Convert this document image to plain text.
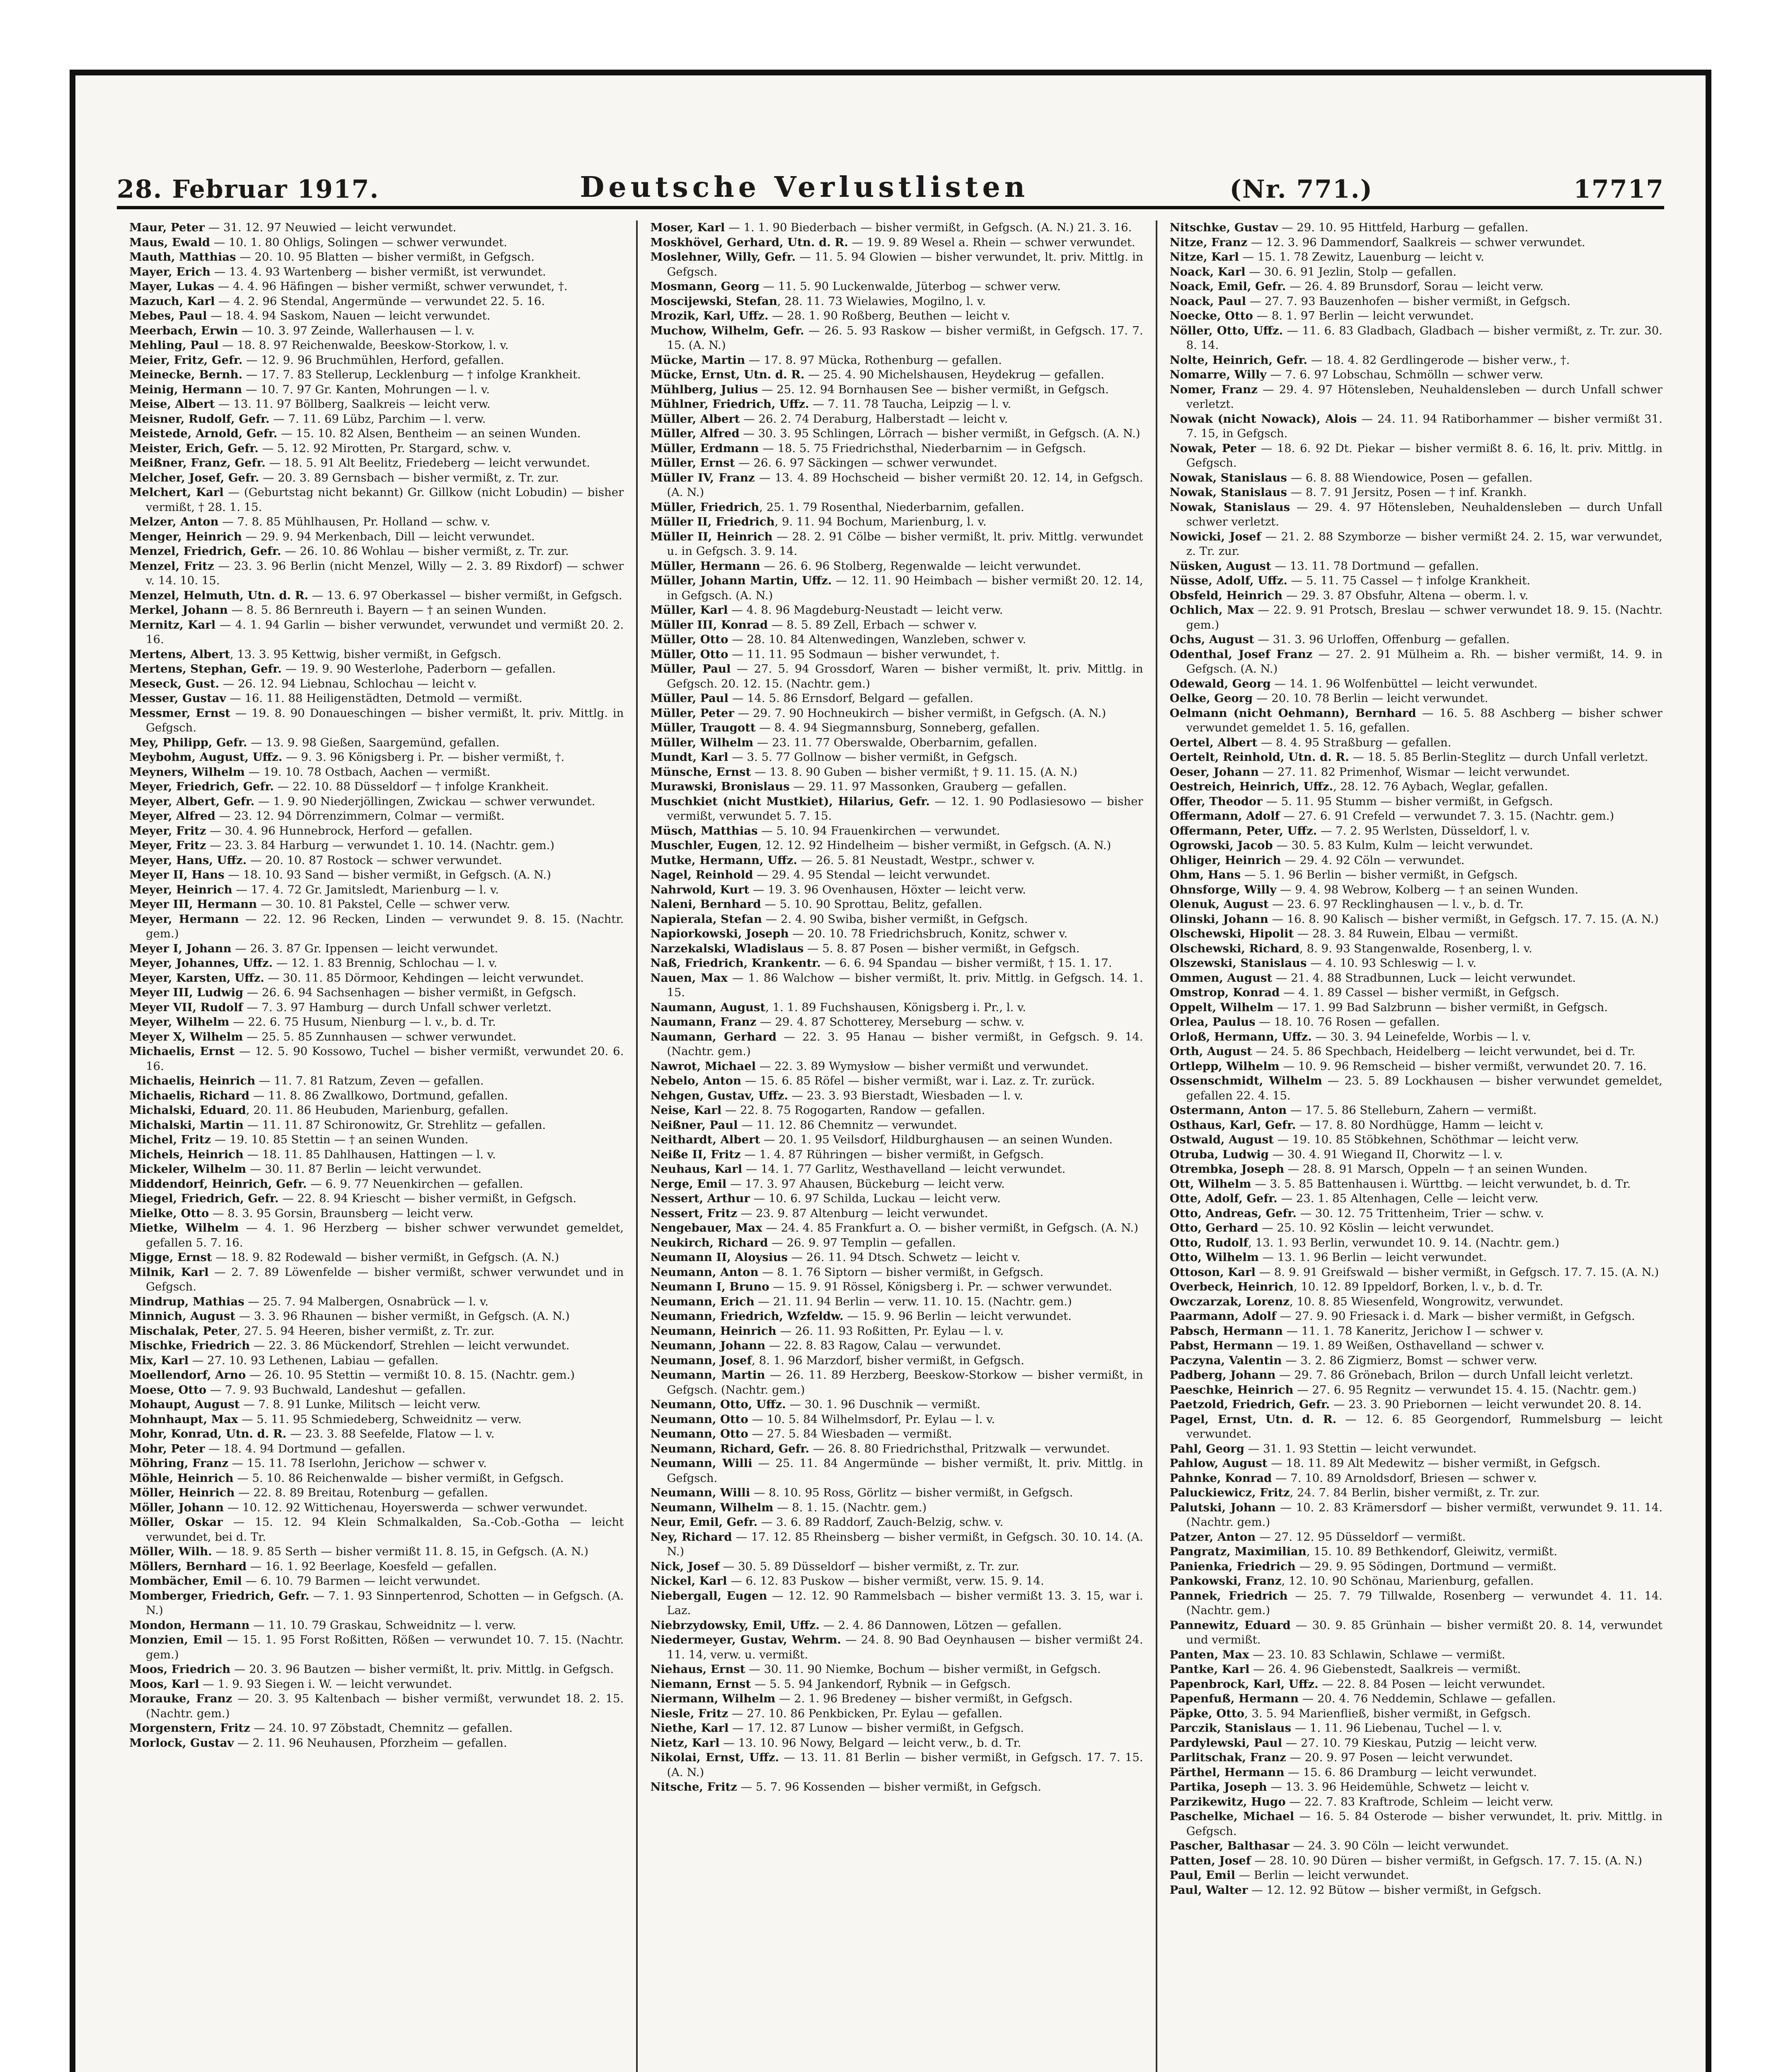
28. Februar 1917.	Deutsche Verlustlisten	(Nr. 771.)	17717

Maur, Peter — 31. 12. 97 Neuwied — leicht verwundet.

Maus, Ewald — 10. 1. 80 Ohligs, Solingen — schwer verwundet.

Mauth, Matthias — 20. 10. 95 Blatten — bisher vermißt, in Gefgsch.

Mayer, Erich — 13. 4. 93 Wartenberg — bisher vermißt, ist verwundet.

Mayer, Lukas — 4. 4. 96 Häfingen — bisher vermißt, schwer verwundet, †.

Mazuch, Karl — 4. 2. 96 Stendal, Angermünde — verwundet 22. 5. 16.

Mebes, Paul — 18. 4. 94 Saskom, Nauen — leicht verwundet.

Meerbach, Erwin — 10. 3. 97 Zeinde, Wallerhausen — l. v.

Mehling, Paul — 18. 8. 97 Reichenwalde, Beeskow-Storkow, l. v.

Meier, Fritz, Gefr. — 12. 9. 96 Bruchmühlen, Herford, gefallen.

Meinecke, Bernh. — 17. 7. 83 Stellerup, Lecklenburg — † infolge Krankheit.

Meinig, Hermann — 10. 7. 97 Gr. Kanten, Mohrungen — l. v.

Meise, Albert — 13. 11. 97 Böllberg, Saalkreis — leicht verw.

Meisner, Rudolf, Gefr. — 7. 11. 69 Lübz, Parchim — l. verw.

Meistede, Arnold, Gefr. — 15. 10. 82 Alsen, Bentheim — an seinen Wunden.

Meister, Erich, Gefr. — 5. 12. 92 Mirotten, Pr. Stargard, schw. v.

Meißner, Franz, Gefr. — 18. 5. 91 Alt Beelitz, Friedeberg — leicht verwundet.

Melcher, Josef, Gefr. — 20. 3. 89 Gernsbach — bisher vermißt, z. Tr. zur.

Melchert, Karl — (Geburtstag nicht bekannt) Gr. Gillkow (nicht Lobudin) — bisher vermißt, † 28. 1. 15.

Melzer, Anton — 7. 8. 85 Mühlhausen, Pr. Holland — schw. v.

Menger, Heinrich — 29. 9. 94 Merkenbach, Dill — leicht verwundet.

Menzel, Friedrich, Gefr. — 26. 10. 86 Wohlau — bisher vermißt, z. Tr. zur.

Menzel, Fritz — 23. 3. 96 Berlin (nicht Menzel, Willy — 2. 3. 89 Rixdorf) — schwer v. 14. 10. 15.

Menzel, Helmuth, Utn. d. R. — 13. 6. 97 Oberkassel — bisher vermißt, in Gefgsch.

Merkel, Johann — 8. 5. 86 Bernreuth i. Bayern — † an seinen Wunden.

Mernitz, Karl — 4. 1. 94 Garlin — bisher verwundet, verwundet und vermißt 20. 2. 16.

Mertens, Albert, 13. 3. 95 Kettwig, bisher vermißt, in Gefgsch.

Mertens, Stephan, Gefr. — 19. 9. 90 Westerlohe, Paderborn — gefallen.

Meseck, Gust. — 26. 12. 94 Liebnau, Schlochau — leicht v.

Messer, Gustav — 16. 11. 88 Heiligenstädten, Detmold — vermißt.

Messmer, Ernst — 19. 8. 90 Donaueschingen — bisher vermißt, lt. priv. Mittlg. in Gefgsch.

Mey, Philipp, Gefr. — 13. 9. 98 Gießen, Saargemünd, gefallen.

Meybohm, August, Uffz. — 9. 3. 96 Königsberg i. Pr. — bisher vermißt, †.

Meyners, Wilhelm — 19. 10. 78 Ostbach, Aachen — vermißt.

Meyer, Friedrich, Gefr. — 22. 10. 88 Düsseldorf — † infolge Krankheit.

Meyer, Albert, Gefr. — 1. 9. 90 Niederjöllingen, Zwickau — schwer verwundet.

Meyer, Alfred — 23. 12. 94 Dörrenzimmern, Colmar — vermißt.

Meyer, Fritz — 30. 4. 96 Hunnebrock, Herford — gefallen.

Meyer, Fritz — 23. 3. 84 Harburg — verwundet 1. 10. 14. (Nachtr. gem.)

Meyer, Hans, Uffz. — 20. 10. 87 Rostock — schwer verwundet.

Meyer II, Hans — 18. 10. 93 Sand — bisher vermißt, in Gefgsch. (A. N.)

Meyer, Heinrich — 17. 4. 72 Gr. Jamitsledt, Marienburg — l. v.

Meyer III, Hermann — 30. 10. 81 Pakstel, Celle — schwer verw.

Meyer, Hermann — 22. 12. 96 Recken, Linden — verwundet 9. 8. 15. (Nachtr. gem.)

Meyer I, Johann — 26. 3. 87 Gr. Ippensen — leicht verwundet.

Meyer, Johannes, Uffz. — 12. 1. 83 Brennig, Schlochau — l. v.

Meyer, Karsten, Uffz. — 30. 11. 85 Dörmoor, Kehdingen — leicht verwundet.

Meyer III, Ludwig — 26. 6. 94 Sachsenhagen — bisher vermißt, in Gefgsch.

Meyer VII, Rudolf — 7. 3. 97 Hamburg — durch Unfall schwer verletzt.

Meyer, Wilhelm — 22. 6. 75 Husum, Nienburg — l. v., b. d. Tr.

Meyer X, Wilhelm — 25. 5. 85 Zunnhausen — schwer verwundet.

Michaelis, Ernst — 12. 5. 90 Kossowo, Tuchel — bisher vermißt, verwundet 20. 6. 16.

Michaelis, Heinrich — 11. 7. 81 Ratzum, Zeven — gefallen.

Michaelis, Richard — 11. 8. 86 Zwallkowo, Dortmund, gefallen.

Michalski, Eduard, 20. 11. 86 Heubuden, Marienburg, gefallen.

Michalski, Martin — 11. 11. 87 Schironowitz, Gr. Strehlitz — gefallen.

Michel, Fritz — 19. 10. 85 Stettin — † an seinen Wunden.

Michels, Heinrich — 18. 11. 85 Dahlhausen, Hattingen — l. v.

Mickeler, Wilhelm — 30. 11. 87 Berlin — leicht verwundet.

Middendorf, Heinrich, Gefr. — 6. 9. 77 Neuenkirchen — gefallen.

Miegel, Friedrich, Gefr. — 22. 8. 94 Kriescht — bisher vermißt, in Gefgsch.

Mielke, Otto — 8. 3. 95 Gorsin, Braunsberg — leicht verw.

Mietke, Wilhelm — 4. 1. 96 Herzberg — bisher schwer verwundet gemeldet, gefallen 5. 7. 16.

Migge, Ernst — 18. 9. 82 Rodewald — bisher vermißt, in Gefgsch. (A. N.)

Milnik, Karl — 2. 7. 89 Löwenfelde — bisher vermißt, schwer verwundet und in Gefgsch.

Mindrup, Mathias — 25. 7. 94 Malbergen, Osnabrück — l. v.

Minnich, August — 3. 3. 96 Rhaunen — bisher vermißt, in Gefgsch. (A. N.)

Mischalak, Peter, 27. 5. 94 Heeren, bisher vermißt, z. Tr. zur.

Mischke, Friedrich — 22. 3. 86 Mückendorf, Strehlen — leicht verwundet.

Mix, Karl — 27. 10. 93 Lethenen, Labiau — gefallen.

Moellendorf, Arno — 26. 10. 95 Stettin — vermißt 10. 8. 15. (Nachtr. gem.)

Moese, Otto — 7. 9. 93 Buchwald, Landeshut — gefallen.

Mohaupt, August — 7. 8. 91 Lunke, Militsch — leicht verw.

Mohnhaupt, Max — 5. 11. 95 Schmiedeberg, Schweidnitz — verw.

Mohr, Konrad, Utn. d. R. — 23. 3. 88 Seefelde, Flatow — l. v.

Mohr, Peter — 18. 4. 94 Dortmund — gefallen.

Möhring, Franz — 15. 11. 78 Iserlohn, Jerichow — schwer v.

Möhle, Heinrich — 5. 10. 86 Reichenwalde — bisher vermißt, in Gefgsch.

Möller, Heinrich — 22. 8. 89 Breitau, Rotenburg — gefallen.

Möller, Johann — 10. 12. 92 Wittichenau, Hoyerswerda — schwer verwundet.

Möller, Oskar — 15. 12. 94 Klein Schmalkalden, Sa.-Cob.-Gotha — leicht verwundet, bei d. Tr.

Möller, Wilh. — 18. 9. 85 Serth — bisher vermißt 11. 8. 15, in Gefgsch. (A. N.)

Möllers, Bernhard — 16. 1. 92 Beerlage, Koesfeld — gefallen.

Mombächer, Emil — 6. 10. 79 Barmen — leicht verwundet.

Momberger, Friedrich, Gefr. — 7. 1. 93 Sinnpertenrod, Schotten — in Gefgsch. (A. N.)

Mondon, Hermann — 11. 10. 79 Graskau, Schweidnitz — l. verw.

Monzien, Emil — 15. 1. 95 Forst Roßitten, Rößen — verwundet 10. 7. 15. (Nachtr. gem.)

Moos, Friedrich — 20. 3. 96 Bautzen — bisher vermißt, lt. priv. Mittlg. in Gefgsch.

Moos, Karl — 1. 9. 93 Siegen i. W. — leicht verwundet.

Morauke, Franz — 20. 3. 95 Kaltenbach — bisher vermißt, verwundet 18. 2. 15. (Nachtr. gem.)

Morgenstern, Fritz — 24. 10. 97 Zöbstadt, Chemnitz — gefallen.

Morlock, Gustav — 2. 11. 96 Neuhausen, Pforzheim — gefallen.

Moser, Karl — 1. 1. 90 Biederbach — bisher vermißt, in Gefgsch. (A. N.) 21. 3. 16.

Moskhövel, Gerhard, Utn. d. R. — 19. 9. 89 Wesel a. Rhein — schwer verwundet.

Moslehner, Willy, Gefr. — 11. 5. 94 Glowien — bisher verwundet, lt. priv. Mittlg. in Gefgsch.

Mosmann, Georg — 11. 5. 90 Luckenwalde, Jüterbog — schwer verw.

Moscijewski, Stefan, 28. 11. 73 Wielawies, Mogilno, l. v.

Mrozik, Karl, Uffz. — 28. 1. 90 Roßberg, Beuthen — leicht v.

Muchow, Wilhelm, Gefr. — 26. 5. 93 Raskow — bisher vermißt, in Gefgsch. 17. 7. 15. (A. N.)

Mücke, Martin — 17. 8. 97 Mücka, Rothenburg — gefallen.

Mücke, Ernst, Utn. d. R. — 25. 4. 90 Michelshausen, Heydekrug — gefallen.

Mühlberg, Julius — 25. 12. 94 Bornhausen See — bisher vermißt, in Gefgsch.

Mühlner, Friedrich, Uffz. — 7. 11. 78 Taucha, Leipzig — l. v.

Müller, Albert — 26. 2. 74 Deraburg, Halberstadt — leicht v.

Müller, Alfred — 30. 3. 95 Schlingen, Lörrach — bisher vermißt, in Gefgsch. (A. N.)

Müller, Erdmann — 18. 5. 75 Friedrichsthal, Niederbarnim — in Gefgsch.

Müller, Ernst — 26. 6. 97 Säckingen — schwer verwundet.

Müller IV, Franz — 13. 4. 89 Hochscheid — bisher vermißt 20. 12. 14, in Gefgsch. (A. N.)

Müller, Friedrich, 25. 1. 79 Rosenthal, Niederbarnim, gefallen.

Müller II, Friedrich, 9. 11. 94 Bochum, Marienburg, l. v.

Müller II, Heinrich — 28. 2. 91 Cölbe — bisher vermißt, lt. priv. Mittlg. verwundet u. in Gefgsch. 3. 9. 14.

Müller, Hermann — 26. 6. 96 Stolberg, Regenwalde — leicht verwundet.

Müller, Johann Martin, Uffz. — 12. 11. 90 Heimbach — bisher vermißt 20. 12. 14, in Gefgsch. (A. N.)

Müller, Karl — 4. 8. 96 Magdeburg-Neustadt — leicht verw.

Müller III, Konrad — 8. 5. 89 Zell, Erbach — schwer v.

Müller, Otto — 28. 10. 84 Altenwedingen, Wanzleben, schwer v.

Müller, Otto — 11. 11. 95 Sodmaun — bisher verwundet, †.

Müller, Paul — 27. 5. 94 Grossdorf, Waren — bisher vermißt, lt. priv. Mittlg. in Gefgsch. 20. 12. 15. (Nachtr. gem.)

Müller, Paul — 14. 5. 86 Ernsdorf, Belgard — gefallen.

Müller, Peter — 29. 7. 90 Hochneukirch — bisher vermißt, in Gefgsch. (A. N.)

Müller, Traugott — 8. 4. 94 Siegmannsburg, Sonneberg, gefallen.

Müller, Wilhelm — 23. 11. 77 Oberswalde, Oberbarnim, gefallen.

Mundt, Karl — 3. 5. 77 Gollnow — bisher vermißt, in Gefgsch.

Münsche, Ernst — 13. 8. 90 Guben — bisher vermißt, † 9. 11. 15. (A. N.)

Murawski, Bronislaus — 29. 11. 97 Massonken, Grauberg — gefallen.

Muschkiet (nicht Mustkiet), Hilarius, Gefr. — 12. 1. 90 Podlasiesowo — bisher vermißt, verwundet 5. 7. 15.

Müsch, Matthias — 5. 10. 94 Frauenkirchen — verwundet.

Muschler, Eugen, 12. 12. 92 Hindelheim — bisher vermißt, in Gefgsch. (A. N.)

Mutke, Hermann, Uffz. — 26. 5. 81 Neustadt, Westpr., schwer v.

Nagel, Reinhold — 29. 4. 95 Stendal — leicht verwundet.

Nahrwold, Kurt — 19. 3. 96 Ovenhausen, Höxter — leicht verw.

Naleni, Bernhard — 5. 10. 90 Sprottau, Belitz, gefallen.

Napierala, Stefan — 2. 4. 90 Swiba, bisher vermißt, in Gefgsch.

Napiorkowski, Joseph — 20. 10. 78 Friedrichsbruch, Konitz, schwer v.

Narzekalski, Wladislaus — 5. 8. 87 Posen — bisher vermißt, in Gefgsch.

Naß, Friedrich, Krankentr. — 6. 6. 94 Spandau — bisher vermißt, † 15. 1. 17.

Nauen, Max — 1. 86 Walchow — bisher vermißt, lt. priv. Mittlg. in Gefgsch. 14. 1. 15.

Naumann, August, 1. 1. 89 Fuchshausen, Königsberg i. Pr., l. v.

Naumann, Franz — 29. 4. 87 Schotterey, Merseburg — schw. v.

Naumann, Gerhard — 22. 3. 95 Hanau — bisher vermißt, in Gefgsch. 9. 14. (Nachtr. gem.)

Nawrot, Michael — 22. 3. 89 Wymysłow — bisher vermißt und verwundet.

Nebelo, Anton — 15. 6. 85 Röfel — bisher vermißt, war i. Laz. z. Tr. zurück.

Nehgen, Gustav, Uffz. — 23. 3. 93 Bierstadt, Wiesbaden — l. v.

Neise, Karl — 22. 8. 75 Rogogarten, Randow — gefallen.

Neißner, Paul — 11. 12. 86 Chemnitz — verwundet.

Neithardt, Albert — 20. 1. 95 Veilsdorf, Hildburghausen — an seinen Wunden.

Neiße II, Fritz — 1. 4. 87 Rühringen — bisher vermißt, in Gefgsch.

Neuhaus, Karl — 14. 1. 77 Garlitz, Westhavelland — leicht verwundet.

Nerge, Emil — 17. 3. 97 Ahausen, Bückeburg — leicht verw.

Nessert, Arthur — 10. 6. 97 Schilda, Luckau — leicht verw.

Nessert, Fritz — 23. 9. 87 Altenburg — leicht verwundet.

Nengebauer, Max — 24. 4. 85 Frankfurt a. O. — bisher vermißt, in Gefgsch. (A. N.)

Neukirch, Richard — 26. 9. 97 Templin — gefallen.

Neumann II, Aloysius — 26. 11. 94 Dtsch. Schwetz — leicht v.

Neumann, Anton — 8. 1. 76 Siptorn — bisher vermißt, in Gefgsch.

Neumann I, Bruno — 15. 9. 91 Rössel, Königsberg i. Pr. — schwer verwundet.

Neumann, Erich — 21. 11. 94 Berlin — verw. 11. 10. 15. (Nachtr. gem.)

Neumann, Friedrich, Wzfeldw. — 15. 9. 96 Berlin — leicht verwundet.

Neumann, Heinrich — 26. 11. 93 Roßitten, Pr. Eylau — l. v.

Neumann, Johann — 22. 8. 83 Ragow, Calau — verwundet.

Neumann, Josef, 8. 1. 96 Marzdorf, bisher vermißt, in Gefgsch.

Neumann, Martin — 26. 11. 89 Herzberg, Beeskow-Storkow — bisher vermißt, in Gefgsch. (Nachtr. gem.)

Neumann, Otto, Uffz. — 30. 1. 96 Duschnik — vermißt.

Neumann, Otto — 10. 5. 84 Wilhelmsdorf, Pr. Eylau — l. v.

Neumann, Otto — 27. 5. 84 Wiesbaden — vermißt.

Neumann, Richard, Gefr. — 26. 8. 80 Friedrichsthal, Pritzwalk — verwundet.

Neumann, Willi — 25. 11. 84 Angermünde — bisher vermißt, lt. priv. Mittlg. in Gefgsch.

Neumann, Willi — 8. 10. 95 Ross, Görlitz — bisher vermißt, in Gefgsch.

Neumann, Wilhelm — 8. 1. 15. (Nachtr. gem.)

Neur, Emil, Gefr. — 3. 6. 89 Raddorf, Zauch-Belzig, schw. v.

Ney, Richard — 17. 12. 85 Rheinsberg — bisher vermißt, in Gefgsch. 30. 10. 14. (A. N.)

Nick, Josef — 30. 5. 89 Düsseldorf — bisher vermißt, z. Tr. zur.

Nickel, Karl — 6. 12. 83 Puskow — bisher vermißt, verw. 15. 9. 14.

Niebergall, Eugen — 12. 12. 90 Rammelsbach — bisher vermißt 13. 3. 15, war i. Laz.

Niebrzydowsky, Emil, Uffz. — 2. 4. 86 Dannowen, Lötzen — gefallen.

Niedermeyer, Gustav, Wehrm. — 24. 8. 90 Bad Oeynhausen — bisher vermißt 24. 11. 14, verw. u. vermißt.

Niehaus, Ernst — 30. 11. 90 Niemke, Bochum — bisher vermißt, in Gefgsch.

Niemann, Ernst — 5. 5. 94 Jankendorf, Rybnik — in Gefgsch.

Niermann, Wilhelm — 2. 1. 96 Bredeney — bisher vermißt, in Gefgsch.

Niesle, Fritz — 27. 10. 86 Penkbicken, Pr. Eylau — gefallen.

Niethe, Karl — 17. 12. 87 Lunow — bisher vermißt, in Gefgsch.

Nietz, Karl — 13. 10. 96 Nowy, Belgard — leicht verw., b. d. Tr.

Nikolai, Ernst, Uffz. — 13. 11. 81 Berlin — bisher vermißt, in Gefgsch. 17. 7. 15. (A. N.)

Nitsche, Fritz — 5. 7. 96 Kossenden — bisher vermißt, in Gefgsch.

Nitschke, Gustav — 29. 10. 95 Hittfeld, Harburg — gefallen.

Nitze, Franz — 12. 3. 96 Dammendorf, Saalkreis — schwer verwundet.

Nitze, Karl — 15. 1. 78 Zewitz, Lauenburg — leicht v.

Noack, Karl — 30. 6. 91 Jezlin, Stolp — gefallen.

Noack, Emil, Gefr. — 26. 4. 89 Brunsdorf, Sorau — leicht verw.

Noack, Paul — 27. 7. 93 Bauzenhofen — bisher vermißt, in Gefgsch.

Noecke, Otto — 8. 1. 97 Berlin — leicht verwundet.

Nöller, Otto, Uffz. — 11. 6. 83 Gladbach, Gladbach — bisher vermißt, z. Tr. zur. 30. 8. 14.

Nolte, Heinrich, Gefr. — 18. 4. 82 Gerdlingerode — bisher verw., †.

Nomarre, Willy — 7. 6. 97 Lobschau, Schmölln — schwer verw.

Nomer, Franz — 29. 4. 97 Hötensleben, Neuhaldensleben — durch Unfall schwer verletzt.

Nowak (nicht Nowack), Alois — 24. 11. 94 Ratiborhammer — bisher vermißt 31. 7. 15, in Gefgsch.

Nowak, Peter — 18. 6. 92 Dt. Piekar — bisher vermißt 8. 6. 16, lt. priv. Mittlg. in Gefgsch.

Nowak, Stanislaus — 6. 8. 88 Wiendowice, Posen — gefallen.

Nowak, Stanislaus — 8. 7. 91 Jersitz, Posen — † inf. Krankh.

Nowak, Stanislaus — 29. 4. 97 Hötensleben, Neuhaldensleben — durch Unfall schwer verletzt.

Nowicki, Josef — 21. 2. 88 Szymborze — bisher vermißt 24. 2. 15, war verwundet, z. Tr. zur.

Nüsken, August — 13. 11. 78 Dortmund — gefallen.

Nüsse, Adolf, Uffz. — 5. 11. 75 Cassel — † infolge Krankheit.

Obsfeld, Heinrich — 29. 3. 87 Obsfuhr, Altena — oberm. l. v.

Ochlich, Max — 22. 9. 91 Protsch, Breslau — schwer verwundet 18. 9. 15. (Nachtr. gem.)

Ochs, August — 31. 3. 96 Urloffen, Offenburg — gefallen.

Odenthal, Josef Franz — 27. 2. 91 Mülheim a. Rh. — bisher vermißt, 14. 9. in Gefgsch. (A. N.)

Odewald, Georg — 14. 1. 96 Wolfenbüttel — leicht verwundet.

Oelke, Georg — 20. 10. 78 Berlin — leicht verwundet.

Oelmann (nicht Oehmann), Bernhard — 16. 5. 88 Aschberg — bisher schwer verwundet gemeldet 1. 5. 16, gefallen.

Oertel, Albert — 8. 4. 95 Straßburg — gefallen.

Oertelt, Reinhold, Utn. d. R. — 18. 5. 85 Berlin-Steglitz — durch Unfall verletzt.

Oeser, Johann — 27. 11. 82 Primenhof, Wismar — leicht verwundet.

Oestreich, Heinrich, Uffz., 28. 12. 76 Aybach, Weglar, gefallen.

Offer, Theodor — 5. 11. 95 Stumm — bisher vermißt, in Gefgsch.

Offermann, Adolf — 27. 6. 91 Crefeld — verwundet 7. 3. 15. (Nachtr. gem.)

Offermann, Peter, Uffz. — 7. 2. 95 Werlsten, Düsseldorf, l. v.

Ogrowski, Jacob — 30. 5. 83 Kulm, Kulm — leicht verwundet.

Ohliger, Heinrich — 29. 4. 92 Cöln — verwundet.

Ohm, Hans — 5. 1. 96 Berlin — bisher vermißt, in Gefgsch.

Ohnsforge, Willy — 9. 4. 98 Webrow, Kolberg — † an seinen Wunden.

Olenuk, August — 23. 6. 97 Recklinghausen — l. v., b. d. Tr.

Olinski, Johann — 16. 8. 90 Kalisch — bisher vermißt, in Gefgsch. 17. 7. 15. (A. N.)

Olschewski, Hipolit — 28. 3. 84 Ruwein, Elbau — vermißt.

Olschewski, Richard, 8. 9. 93 Stangenwalde, Rosenberg, l. v.

Olszewski, Stanislaus — 4. 10. 93 Schleswig — l. v.

Ommen, August — 21. 4. 88 Stradbunnen, Luck — leicht verwundet.

Omstrop, Konrad — 4. 1. 89 Cassel — bisher vermißt, in Gefgsch.

Oppelt, Wilhelm — 17. 1. 99 Bad Salzbrunn — bisher vermißt, in Gefgsch.

Orlea, Paulus — 18. 10. 76 Rosen — gefallen.

Orloß, Hermann, Uffz. — 30. 3. 94 Leinefelde, Worbis — l. v.

Orth, August — 24. 5. 86 Spechbach, Heidelberg — leicht verwundet, bei d. Tr.

Ortlepp, Wilhelm — 10. 9. 96 Remscheid — bisher vermißt, verwundet 20. 7. 16.

Ossenschmidt, Wilhelm — 23. 5. 89 Lockhausen — bisher verwundet gemeldet, gefallen 22. 4. 15.

Ostermann, Anton — 17. 5. 86 Stelleburn, Zahern — vermißt.

Osthaus, Karl, Gefr. — 17. 8. 80 Nordhügge, Hamm — leicht v.

Ostwald, August — 19. 10. 85 Stöbkehnen, Schöthmar — leicht verw.

Otruba, Ludwig — 30. 4. 91 Wiegand II, Chorwitz — l. v.

Otrembka, Joseph — 28. 8. 91 Marsch, Oppeln — † an seinen Wunden.

Ott, Wilhelm — 3. 5. 85 Battenhausen i. Württbg. — leicht verwundet, b. d. Tr.

Otte, Adolf, Gefr. — 23. 1. 85 Altenhagen, Celle — leicht verw.

Otto, Andreas, Gefr. — 30. 12. 75 Trittenheim, Trier — schw. v.

Otto, Gerhard — 25. 10. 92 Köslin — leicht verwundet.

Otto, Rudolf, 13. 1. 93 Berlin, verwundet 10. 9. 14. (Nachtr. gem.)

Otto, Wilhelm — 13. 1. 96 Berlin — leicht verwundet.

Ottoson, Karl — 8. 9. 91 Greifswald — bisher vermißt, in Gefgsch. 17. 7. 15. (A. N.)

Overbeck, Heinrich, 10. 12. 89 Ippeldorf, Borken, l. v., b. d. Tr.

Owczarzak, Lorenz, 10. 8. 85 Wiesenfeld, Wongrowitz, verwundet.

Paarmann, Adolf — 27. 9. 90 Friesack i. d. Mark — bisher vermißt, in Gefgsch.

Pabsch, Hermann — 11. 1. 78 Kaneritz, Jerichow I — schwer v.

Pabst, Hermann — 19. 1. 89 Weißen, Osthavelland — schwer v.

Paczyna, Valentin — 3. 2. 86 Zigmierz, Bomst — schwer verw.

Padberg, Johann — 29. 7. 86 Grönebach, Brilon — durch Unfall leicht verletzt.

Paeschke, Heinrich — 27. 6. 95 Regnitz — verwundet 15. 4. 15. (Nachtr. gem.)

Paetzold, Friedrich, Gefr. — 23. 3. 90 Priebornen — leicht verwundet 20. 8. 14.

Pagel, Ernst, Utn. d. R. — 12. 6. 85 Georgendorf, Rummelsburg — leicht verwundet.

Pahl, Georg — 31. 1. 93 Stettin — leicht verwundet.

Pahlow, August — 18. 11. 89 Alt Medewitz — bisher vermißt, in Gefgsch.

Pahnke, Konrad — 7. 10. 89 Arnoldsdorf, Briesen — schwer v.

Paluckiewicz, Fritz, 24. 7. 84 Berlin, bisher vermißt, z. Tr. zur.

Palutski, Johann — 10. 2. 83 Krämersdorf — bisher vermißt, verwundet 9. 11. 14. (Nachtr. gem.)

Patzer, Anton — 27. 12. 95 Düsseldorf — vermißt.

Pangratz, Maximilian, 15. 10. 89 Bethkendorf, Gleiwitz, vermißt.

Panienka, Friedrich — 29. 9. 95 Södingen, Dortmund — vermißt.

Pankowski, Franz, 12. 10. 90 Schönau, Marienburg, gefallen.

Pannek, Friedrich — 25. 7. 79 Tillwalde, Rosenberg — verwundet 4. 11. 14. (Nachtr. gem.)

Pannewitz, Eduard — 30. 9. 85 Grünhain — bisher vermißt 20. 8. 14, verwundet und vermißt.

Panten, Max — 23. 10. 83 Schlawin, Schlawe — vermißt.

Pantke, Karl — 26. 4. 96 Giebenstedt, Saalkreis — vermißt.

Papenbrock, Karl, Uffz. — 22. 8. 84 Posen — leicht verwundet.

Papenfuß, Hermann — 20. 4. 76 Neddemin, Schlawe — gefallen.

Päpke, Otto, 3. 5. 94 Marienfließ, bisher vermißt, in Gefgsch.

Parczik, Stanislaus — 1. 11. 96 Liebenau, Tuchel — l. v.

Pardylewski, Paul — 27. 10. 79 Kieskau, Putzig — leicht verw.

Parlitschak, Franz — 20. 9. 97 Posen — leicht verwundet.

Pärthel, Hermann — 15. 6. 86 Dramburg — leicht verwundet.

Partika, Joseph — 13. 3. 96 Heidemühle, Schwetz — leicht v.

Parzikewitz, Hugo — 22. 7. 83 Kraftrode, Schleim — leicht verw.

Paschelke, Michael — 16. 5. 84 Osterode — bisher verwundet, lt. priv. Mittlg. in Gefgsch.

Pascher, Balthasar — 24. 3. 90 Cöln — leicht verwundet.

Patten, Josef — 28. 10. 90 Düren — bisher vermißt, in Gefgsch. 17. 7. 15. (A. N.)

Paul, Emil — Berlin — leicht verwundet.

Paul, Walter — 12. 12. 92 Bütow — bisher vermißt, in Gefgsch.
